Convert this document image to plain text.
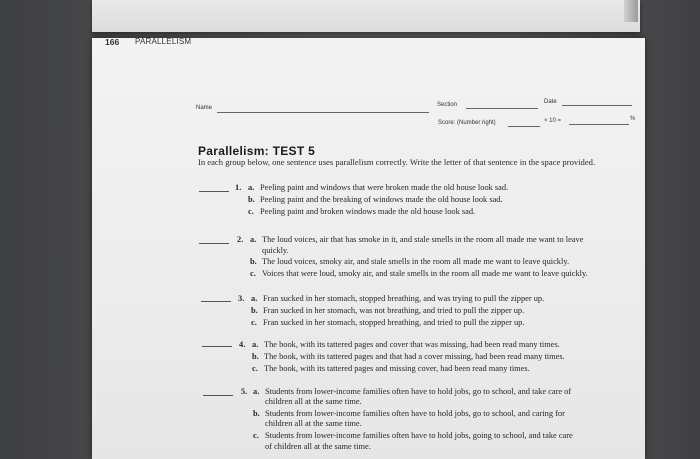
166 PARALLELISM
Name	Section	Date
Score: (Number right)	× 10 =	%
Parallelism: TEST 5
In each group below, one sentence uses parallelism correctly. Write the letter of that sentence in the space provided.
1. a. Peeling paint and windows that were broken made the old house look sad.
b. Peeling paint and the breaking of windows made the old house look sad.
c. Peeling paint and broken windows made the old house look sad.
2. a. The loud voices, air that has smoke in it, and stale smells in the room all made me want to leave
quickly.
b. The loud voices, smoky air, and stale smells in the room all made me want to leave quickly.
c. Voices that were loud, smoky air, and stale smells in the room all made me want to leave quickly.
3. a. Fran sucked in her stomach, stopped breathing, and was trying to pull the zipper up.
b. Fran sucked in her stomach, was not breathing, and tried to pull the zipper up.
c. Fran sucked in her stomach, stopped breathing, and tried to pull the zipper up.
4. a. The book, with its tattered pages and cover that was missing, had been read many times.
b. The book, with its tattered pages and that had a cover missing, had been read many times.
c. The book, with its tattered pages and missing cover, had been read many times.
5. a. Students from lower-income families often have to hold jobs, go to school, and take care of
children all at the same time.
b. Students from lower-income families often have to hold jobs, go to school, and caring for
children all at the same time.
c. Students from lower-income families often have to hold jobs, going to school, and take care
of children all at the same time.
